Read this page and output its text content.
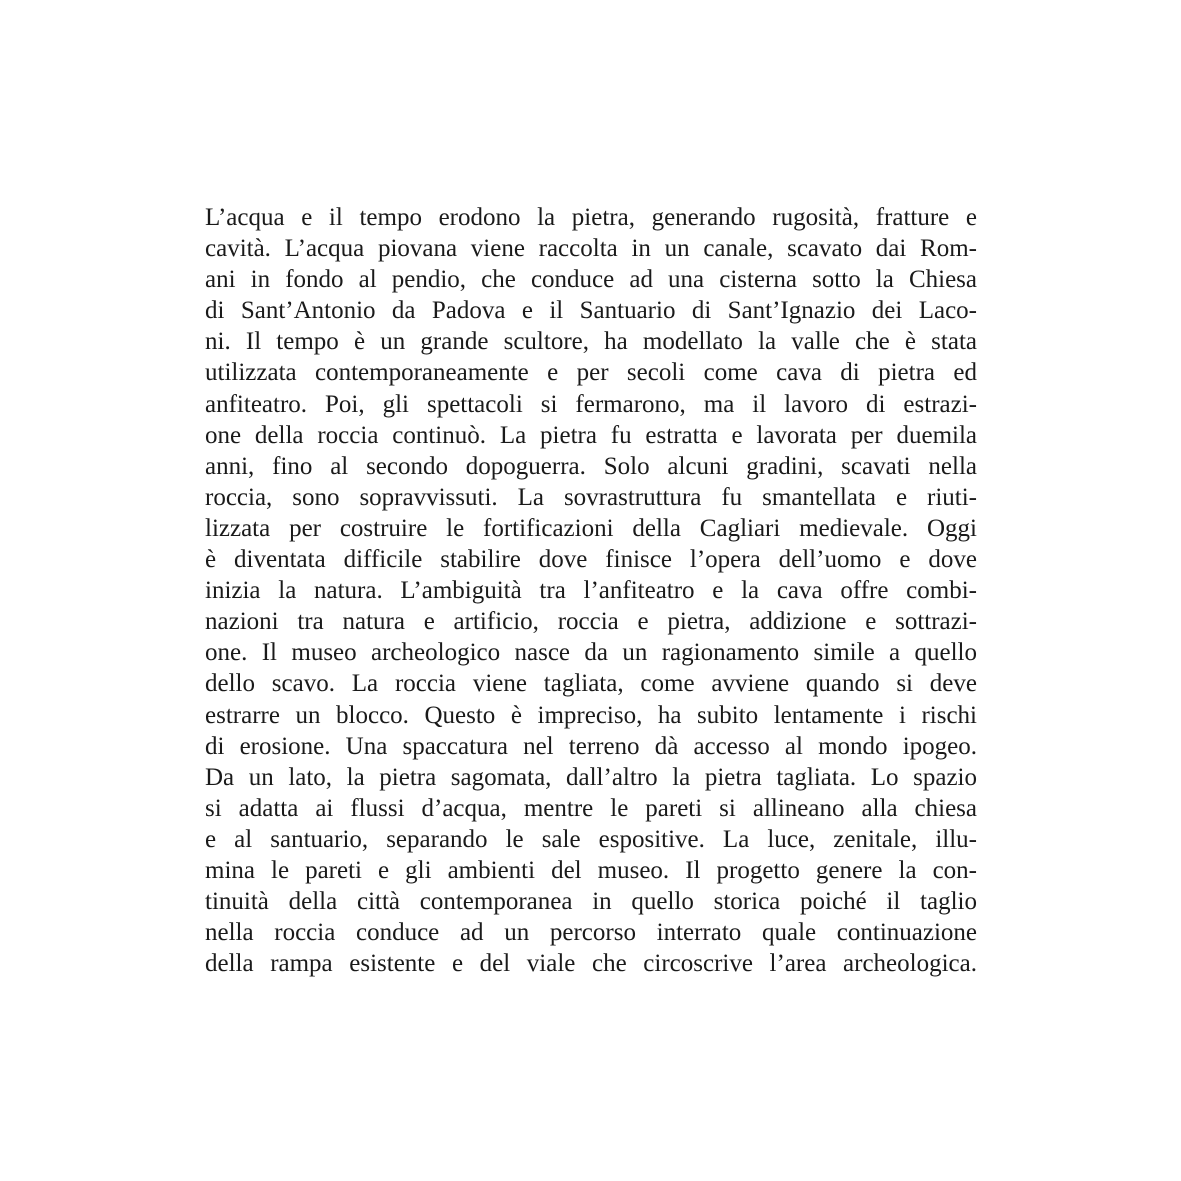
L’acqua e il tempo erodono la pietra, generando rugosità, fratture e
cavità. L’acqua piovana viene raccolta in un canale, scavato dai Rom-
ani in fondo al pendio, che conduce ad una cisterna sotto la Chiesa
di Sant’Antonio da Padova e il Santuario di Sant’Ignazio dei Laco-
ni. Il tempo è un grande scultore, ha modellato la valle che è stata
utilizzata contemporaneamente e per secoli come cava di pietra ed
anfiteatro. Poi, gli spettacoli si fermarono, ma il lavoro di estrazi-
one della roccia continuò. La pietra fu estratta e lavorata per duemila
anni, fino al secondo dopoguerra. Solo alcuni gradini, scavati nella
roccia, sono sopravvissuti. La sovrastruttura fu smantellata e riuti-
lizzata per costruire le fortificazioni della Cagliari medievale. Oggi
è diventata difficile stabilire dove finisce l’opera dell’uomo e dove
inizia la natura. L’ambiguità tra l’anfiteatro e la cava offre combi-
nazioni tra natura e artificio, roccia e pietra, addizione e sottrazi-
one. Il museo archeologico nasce da un ragionamento simile a quello
dello scavo. La roccia viene tagliata, come avviene quando si deve
estrarre un blocco. Questo è impreciso, ha subito lentamente i rischi
di erosione. Una spaccatura nel terreno dà accesso al mondo ipogeo.
Da un lato, la pietra sagomata, dall’altro la pietra tagliata. Lo spazio
si adatta ai flussi d’acqua, mentre le pareti si allineano alla chiesa
e al santuario, separando le sale espositive. La luce, zenitale, illu-
mina le pareti e gli ambienti del museo. Il progetto genere la con-
tinuità della città contemporanea in quello storica poiché il taglio
nella roccia conduce ad un percorso interrato quale continuazione
della rampa esistente e del viale che circoscrive l’area archeologica.
